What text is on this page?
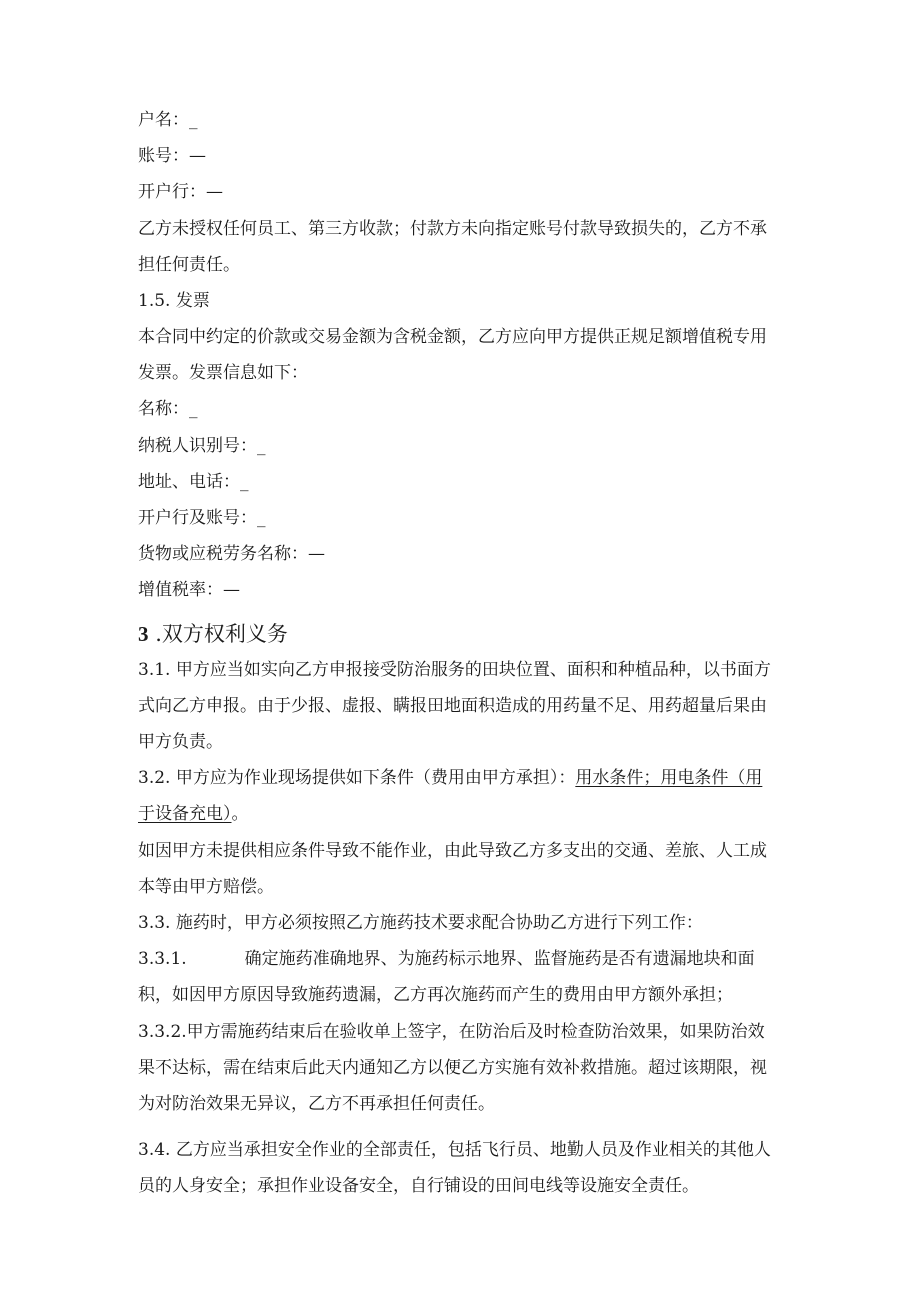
户名：_

账号：—

开户行：—

乙方未授权任何员工、第三方收款；付款方未向指定账号付款导致损失的，乙方不承

担任何责任。

1.5. 发票

本合同中约定的价款或交易金额为含税金额，乙方应向甲方提供正规足额增值税专用

发票。发票信息如下：

名称：_

纳税人识别号：_

地址、电话：_

开户行及账号：_

货物或应税劳务名称：—

增值税率：—

3 .双方权利义务

3.1. 甲方应当如实向乙方申报接受防治服务的田块位置、面积和种植品种，以书面方

式向乙方申报。由于少报、虚报、瞒报田地面积造成的用药量不足、用药超量后果由

甲方负责。

3.2. 甲方应为作业现场提供如下条件（费用由甲方承担）：用水条件；用电条件（用

于设备充电）。

如因甲方未提供相应条件导致不能作业，由此导致乙方多支出的交通、差旅、人工成

本等由甲方赔偿。

3.3. 施药时，甲方必须按照乙方施药技术要求配合协助乙方进行下列工作：

3.3.1.	确定施药准确地界、为施药标示地界、监督施药是否有遗漏地块和面

积，如因甲方原因导致施药遗漏，乙方再次施药而产生的费用由甲方额外承担；

3.3.2.甲方需施药结束后在验收单上签字，在防治后及时检查防治效果，如果防治效

果不达标，需在结束后此天内通知乙方以便乙方实施有效补救措施。超过该期限，视

为对防治效果无异议，乙方不再承担任何责任。

3.4. 乙方应当承担安全作业的全部责任，包括飞行员、地勤人员及作业相关的其他人

员的人身安全；承担作业设备安全，自行铺设的田间电线等设施安全责任。
